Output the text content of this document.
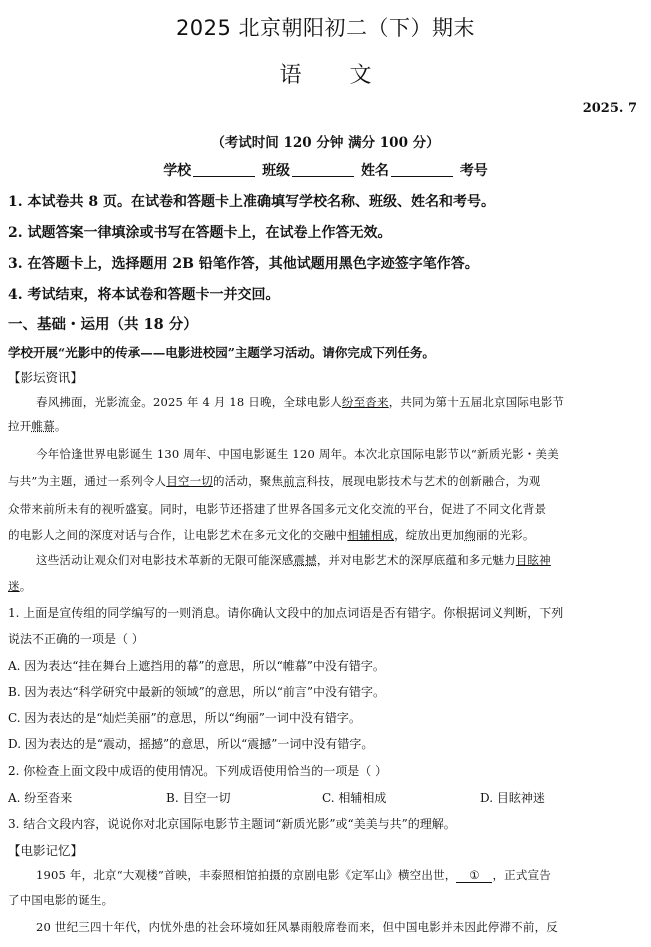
2025 北京朝阳初二（下）期末
语文
2025. 7
（考试时间 120 分钟 满分 100 分）
学校	班级	姓名	考号
1. 本试卷共 8 页。在试卷和答题卡上准确填写学校名称、班级、姓名和考号。
2. 试题答案一律填涂或书写在答题卡上，在试卷上作答无效。
3. 在答题卡上，选择题用 2B 铅笔作答，其他试题用黑色字迹签字笔作答。
4. 考试结束，将本试卷和答题卡一并交回。
一、基础・运用（共 18 分）
学校开展“光影中的传承——电影进校园”主题学习活动。请你完成下列任务。
【影坛资讯】
春风拂面，光影流金。2025 年 4 月 18 日晚，全球电影人纷至沓来，共同为第十五届北京国际电影节
拉开帷幕。
今年恰逢世界电影诞生 130 周年、中国电影诞生 120 周年。本次北京国际电影节以“新质光影・美美
与共”为主题，通过一系列令人目空一切的活动，聚焦前言科技，展现电影技术与艺术的创新融合，为观
众带来前所未有的视听盛宴。同时，电影节还搭建了世界各国多元文化交流的平台，促进了不同文化背景
的电影人之间的深度对话与合作，让电影艺术在多元文化的交融中相辅相成，绽放出更加绚丽的光彩。
这些活动让观众们对电影技术革新的无限可能深感震撼，并对电影艺术的深厚底蕴和多元魅力目眩神
迷。
1. 上面是宣传组的同学编写的一则消息。请你确认文段中的加点词语是否有错字。你根据词义判断，下列
说法不正确的一项是（ ）
A. 因为表达“挂在舞台上遮挡用的幕”的意思，所以“帷幕”中没有错字。
B. 因为表达“科学研究中最新的领域”的意思，所以“前言”中没有错字。
C. 因为表达的是“灿烂美丽”的意思，所以“绚丽”一词中没有错字。
D. 因为表达的是“震动，摇撼”的意思，所以“震撼”一词中没有错字。
2. 你检查上面文段中成语的使用情况。下列成语使用恰当的一项是（ ）
A. 纷至沓来	B. 目空一切	C. 相辅相成	D. 目眩神迷
3. 结合文段内容，说说你对北京国际电影节主题词“新质光影”或“美美与共”的理解。
【电影记忆】
1905 年，北京“大观楼”首映，丰泰照相馆拍摄的京剧电影《定军山》横空出世， ① ，正式宣告
了中国电影的诞生。
20 世纪三四十年代，内忧外患的社会环境如狂风暴雨般席卷而来，但中国电影并未因此停滞不前，反
